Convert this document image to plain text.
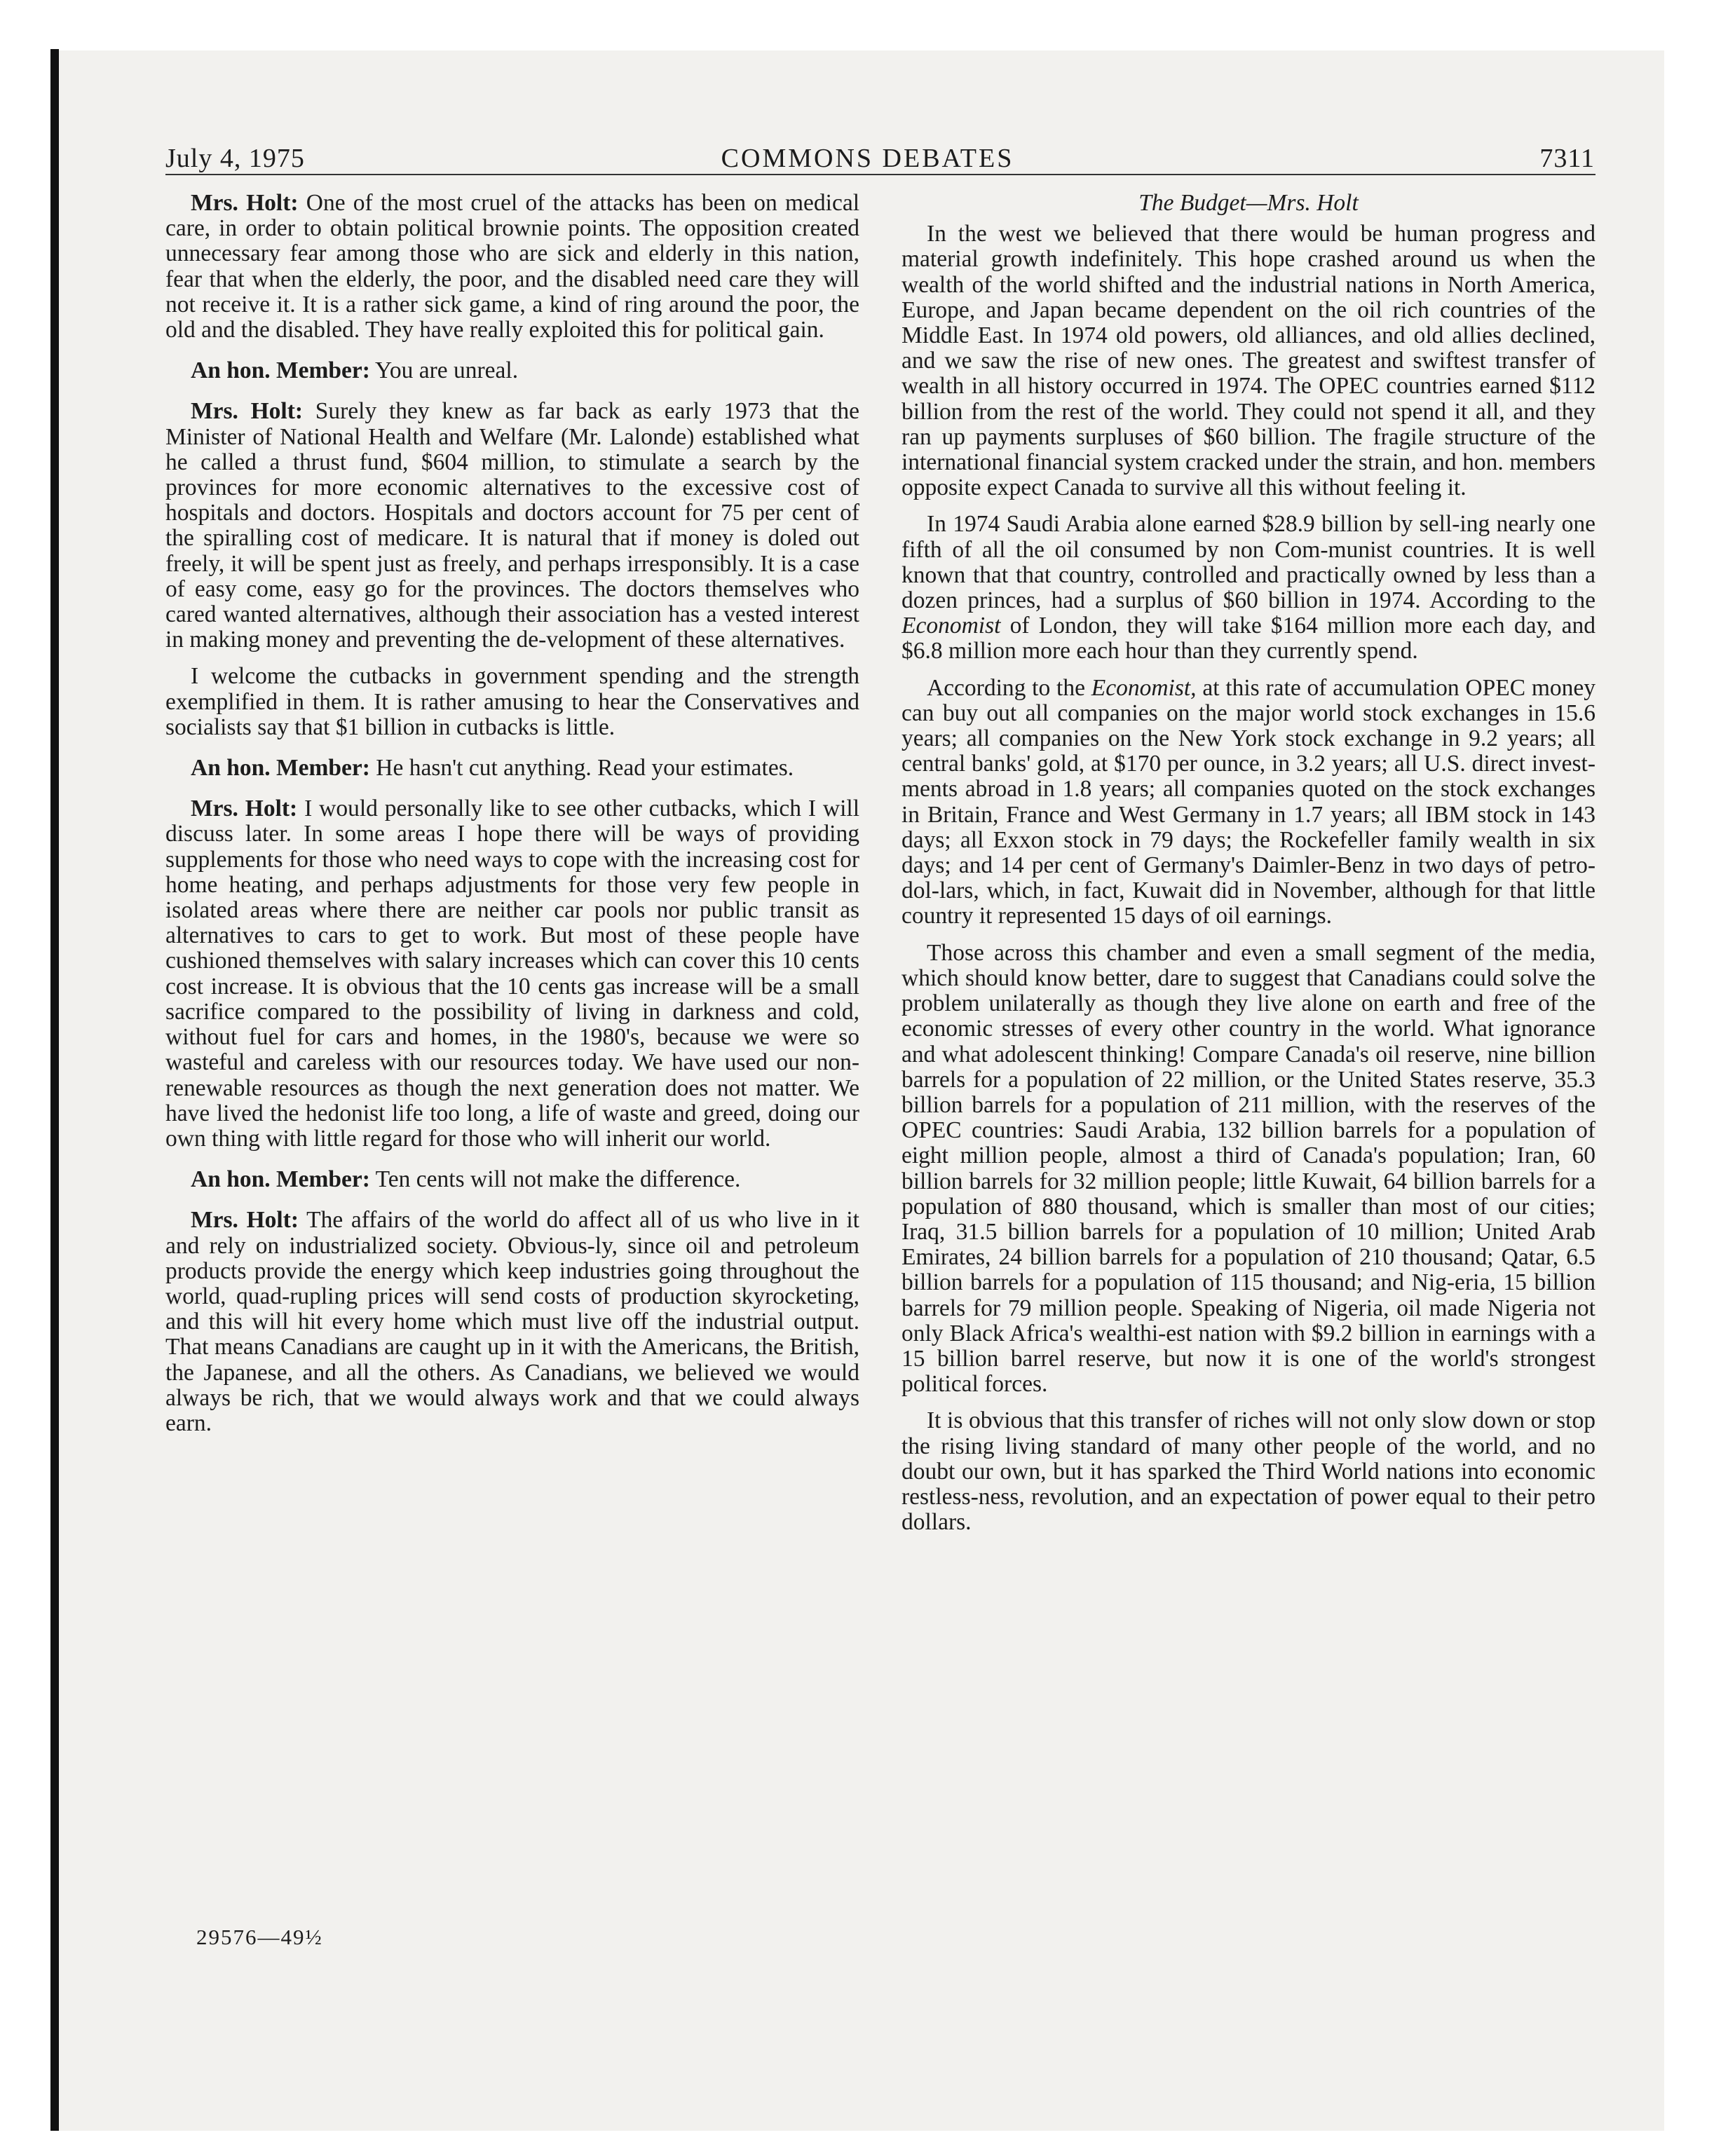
July 4, 1975	COMMONS DEBATES	7311

Mrs. Holt: One of the most cruel of the attacks has been on medical care, in order to obtain political brownie points. The opposition created unnecessary fear among those who are sick and elderly in this nation, fear that when the elderly, the poor, and the disabled need care they will not receive it. It is a rather sick game, a kind of ring around the poor, the old and the disabled. They have really exploited this for political gain.

An hon. Member: You are unreal.

Mrs. Holt: Surely they knew as far back as early 1973 that the Minister of National Health and Welfare (Mr. Lalonde) established what he called a thrust fund, $604 million, to stimulate a search by the provinces for more economic alternatives to the excessive cost of hospitals and doctors. Hospitals and doctors account for 75 per cent of the spiralling cost of medicare. It is natural that if money is doled out freely, it will be spent just as freely, and perhaps irresponsibly. It is a case of easy come, easy go for the provinces. The doctors themselves who cared wanted alternatives, although their association has a vested interest in making money and preventing the de-velopment of these alternatives.

I welcome the cutbacks in government spending and the strength exemplified in them. It is rather amusing to hear the Conservatives and socialists say that $1 billion in cutbacks is little.

An hon. Member: He hasn't cut anything. Read your estimates.

Mrs. Holt: I would personally like to see other cutbacks, which I will discuss later. In some areas I hope there will be ways of providing supplements for those who need ways to cope with the increasing cost for home heating, and perhaps adjustments for those very few people in isolated areas where there are neither car pools nor public transit as alternatives to cars to get to work. But most of these people have cushioned themselves with salary increases which can cover this 10 cents cost increase. It is obvious that the 10 cents gas increase will be a small sacrifice compared to the possibility of living in darkness and cold, without fuel for cars and homes, in the 1980's, because we were so wasteful and careless with our resources today. We have used our non-renewable resources as though the next generation does not matter. We have lived the hedonist life too long, a life of waste and greed, doing our own thing with little regard for those who will inherit our world.

An hon. Member: Ten cents will not make the difference.

Mrs. Holt: The affairs of the world do affect all of us who live in it and rely on industrialized society. Obvious-ly, since oil and petroleum products provide the energy which keep industries going throughout the world, quad-rupling prices will send costs of production skyrocketing, and this will hit every home which must live off the industrial output. That means Canadians are caught up in it with the Americans, the British, the Japanese, and all the others. As Canadians, we believed we would always be rich, that we would always work and that we could always earn.

The Budget—Mrs. Holt

In the west we believed that there would be human progress and material growth indefinitely. This hope crashed around us when the wealth of the world shifted and the industrial nations in North America, Europe, and Japan became dependent on the oil rich countries of the Middle East. In 1974 old powers, old alliances, and old allies declined, and we saw the rise of new ones. The greatest and swiftest transfer of wealth in all history occurred in 1974. The OPEC countries earned $112 billion from the rest of the world. They could not spend it all, and they ran up payments surpluses of $60 billion. The fragile structure of the international financial system cracked under the strain, and hon. members opposite expect Canada to survive all this without feeling it.

In 1974 Saudi Arabia alone earned $28.9 billion by sell-ing nearly one fifth of all the oil consumed by non Com-munist countries. It is well known that that country, controlled and practically owned by less than a dozen princes, had a surplus of $60 billion in 1974. According to the Economist of London, they will take $164 million more each day, and $6.8 million more each hour than they currently spend.

According to the Economist, at this rate of accumulation OPEC money can buy out all companies on the major world stock exchanges in 15.6 years; all companies on the New York stock exchange in 9.2 years; all central banks' gold, at $170 per ounce, in 3.2 years; all U.S. direct invest-ments abroad in 1.8 years; all companies quoted on the stock exchanges in Britain, France and West Germany in 1.7 years; all IBM stock in 143 days; all Exxon stock in 79 days; the Rockefeller family wealth in six days; and 14 per cent of Germany's Daimler-Benz in two days of petro-dol-lars, which, in fact, Kuwait did in November, although for that little country it represented 15 days of oil earnings.

Those across this chamber and even a small segment of the media, which should know better, dare to suggest that Canadians could solve the problem unilaterally as though they live alone on earth and free of the economic stresses of every other country in the world. What ignorance and what adolescent thinking! Compare Canada's oil reserve, nine billion barrels for a population of 22 million, or the United States reserve, 35.3 billion barrels for a population of 211 million, with the reserves of the OPEC countries: Saudi Arabia, 132 billion barrels for a population of eight million people, almost a third of Canada's population; Iran, 60 billion barrels for 32 million people; little Kuwait, 64 billion barrels for a population of 880 thousand, which is smaller than most of our cities; Iraq, 31.5 billion barrels for a population of 10 million; United Arab Emirates, 24 billion barrels for a population of 210 thousand; Qatar, 6.5 billion barrels for a population of 115 thousand; and Nig-eria, 15 billion barrels for 79 million people. Speaking of Nigeria, oil made Nigeria not only Black Africa's wealthi-est nation with $9.2 billion in earnings with a 15 billion barrel reserve, but now it is one of the world's strongest political forces.

It is obvious that this transfer of riches will not only slow down or stop the rising living standard of many other people of the world, and no doubt our own, but it has sparked the Third World nations into economic restless-ness, revolution, and an expectation of power equal to their petro dollars.

29576—49½
